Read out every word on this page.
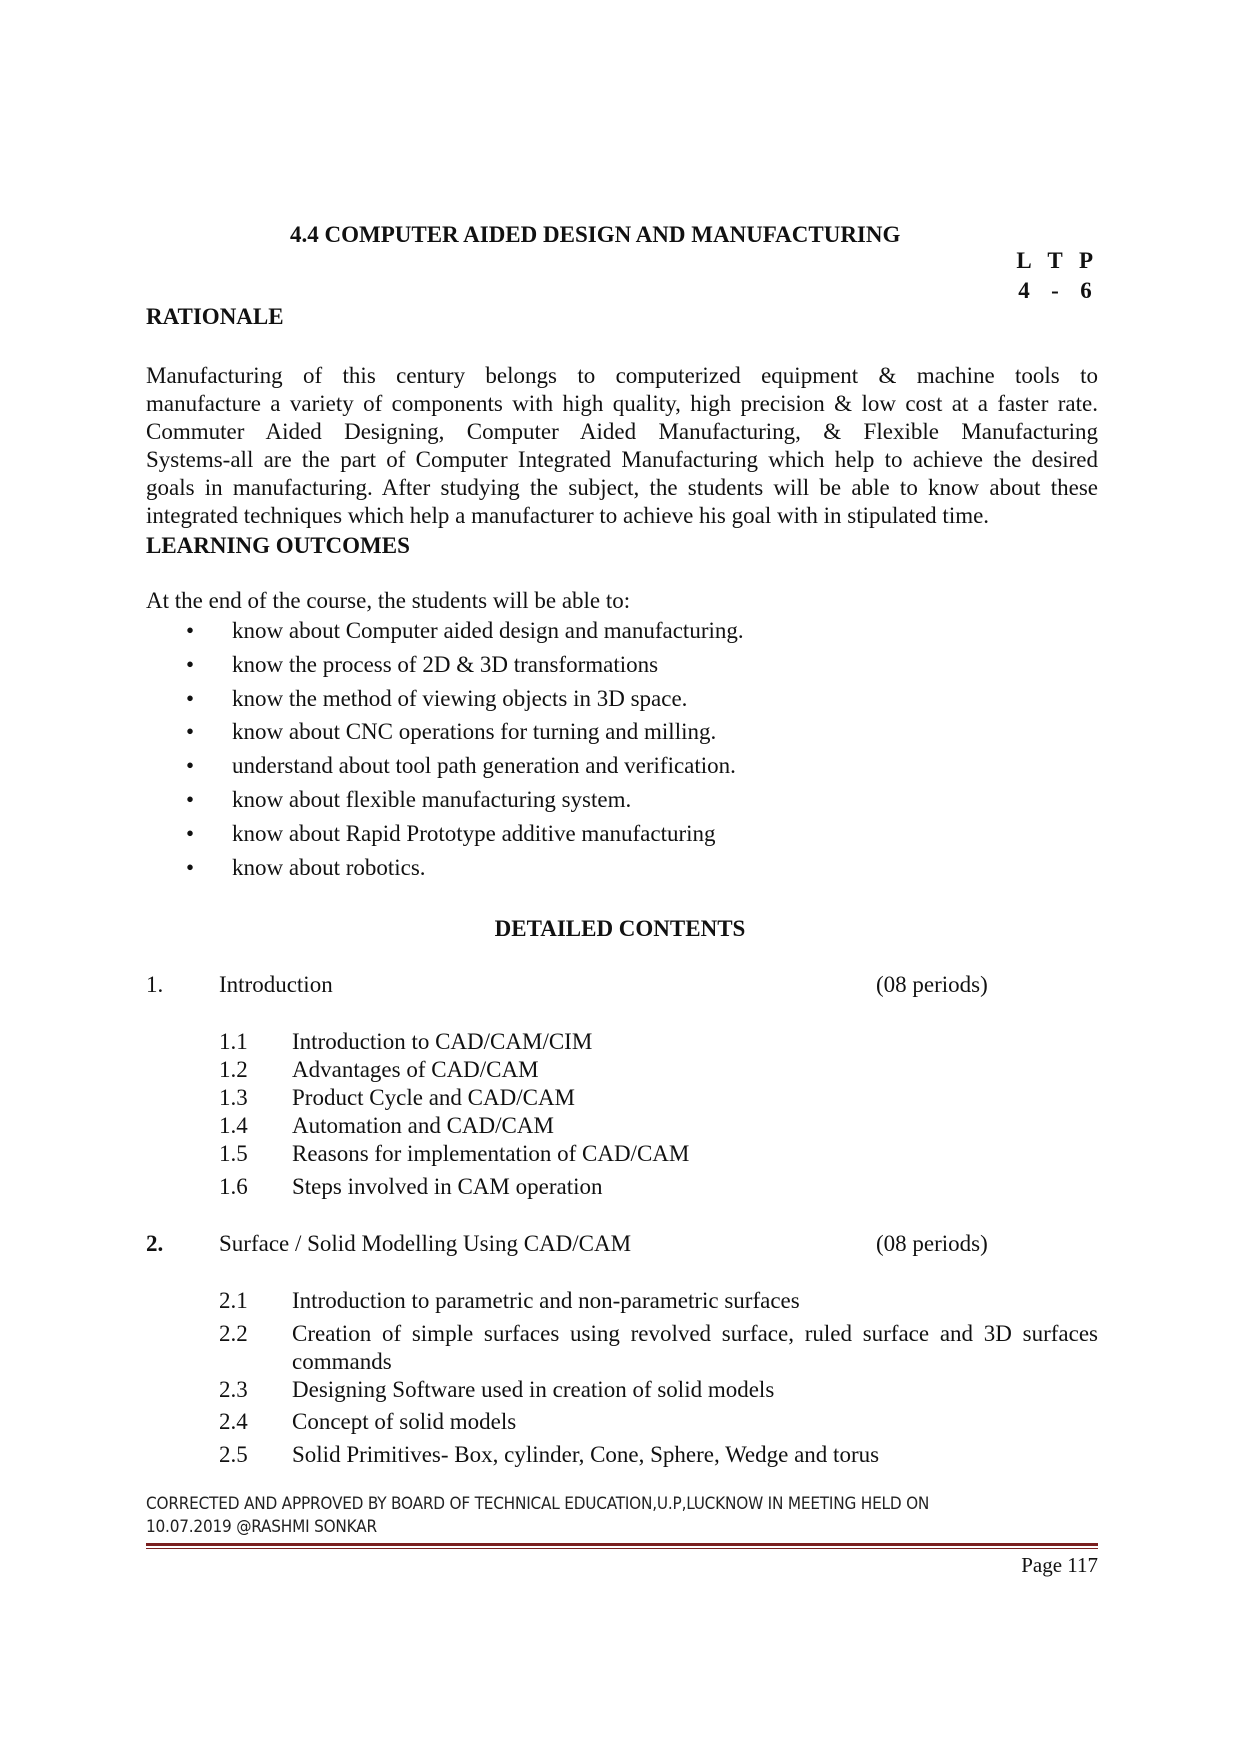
4.4 COMPUTER AIDED DESIGN AND MANUFACTURING
L T P
4 - 6
RATIONALE
Manufacturing of this century belongs to computerized equipment & machine tools to
manufacture a variety of components with high quality, high precision & low cost at a faster rate.
Commuter Aided Designing, Computer Aided Manufacturing, & Flexible Manufacturing
Systems-all are the part of Computer Integrated Manufacturing which help to achieve the desired
goals in manufacturing. After studying the subject, the students will be able to know about these
integrated techniques which help a manufacturer to achieve his goal with in stipulated time.
LEARNING OUTCOMES
At the end of the course, the students will be able to:
• know about Computer aided design and manufacturing.
• know the process of 2D & 3D transformations
• know the method of viewing objects in 3D space.
• know about CNC operations for turning and milling.
• understand about tool path generation and verification.
• know about flexible manufacturing system.
• know about Rapid Prototype additive manufacturing
• know about robotics.
DETAILED CONTENTS
1. Introduction	(08 periods)
1.1 Introduction to CAD/CAM/CIM
1.2 Advantages of CAD/CAM
1.3 Product Cycle and CAD/CAM
1.4 Automation and CAD/CAM
1.5 Reasons for implementation of CAD/CAM
1.6 Steps involved in CAM operation
2. Surface / Solid Modelling Using CAD/CAM	(08 periods)
2.1 Introduction to parametric and non-parametric surfaces
2.2 Creation of simple surfaces using revolved surface, ruled surface and 3D surfaces
commands
2.3 Designing Software used in creation of solid models
2.4 Concept of solid models
2.5 Solid Primitives- Box, cylinder, Cone, Sphere, Wedge and torus
CORRECTED AND APPROVED BY BOARD OF TECHNICAL EDUCATION,U.P,LUCKNOW IN MEETING HELD ON
10.07.2019 @RASHMI SONKAR
Page 117
